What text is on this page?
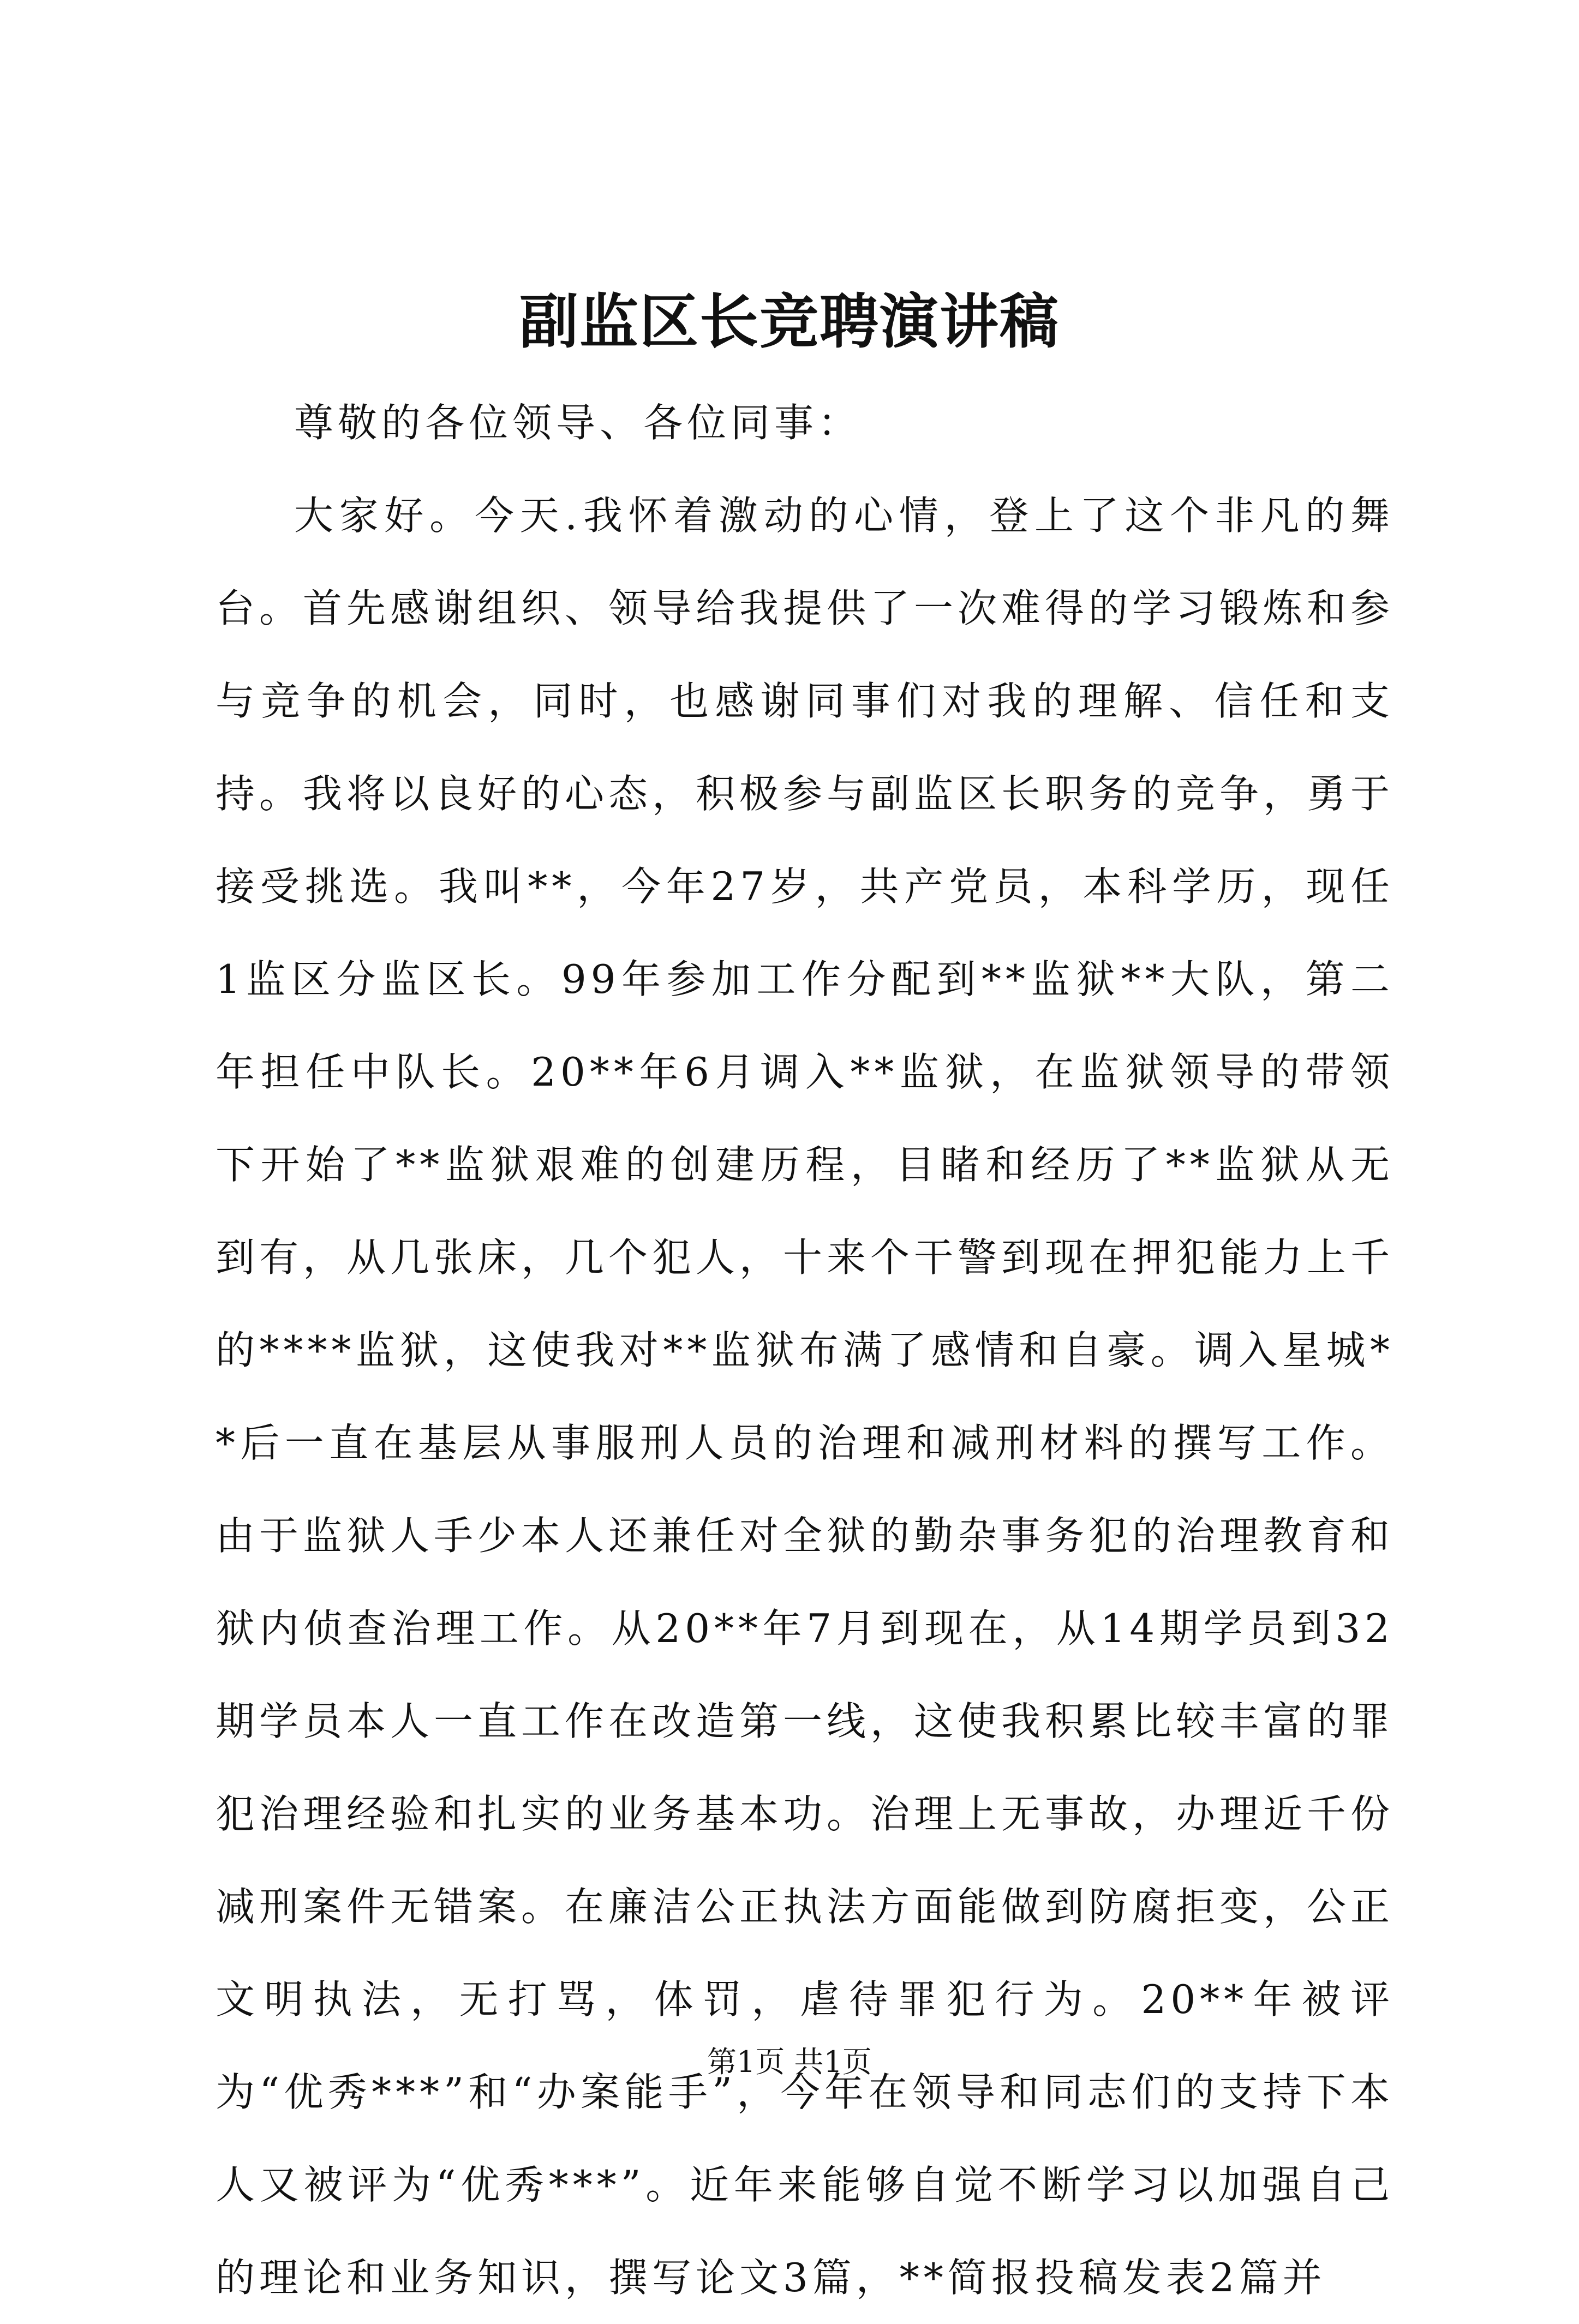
副监区长竞聘演讲稿

尊敬的各位领导、各位同事：

大家好。今天.我怀着激动的心情，登上了这个非凡的舞台。首先感谢组织、领导给我提供了一次难得的学习锻炼和参与竞争的机会，同时，也感谢同事们对我的理解、信任和支持。我将以良好的心态，积极参与副监区长职务的竞争，勇于接受挑选。我叫**，今年27岁，共产党员，本科学历，现任1监区分监区长。99年参加工作分配到**监狱**大队，第二年担任中队长。20**年6月调入**监狱，在监狱领导的带领下开始了**监狱艰难的创建历程，目睹和经历了**监狱从无到有，从几张床，几个犯人，十来个干警到现在押犯能力上千的****监狱，这使我对**监狱布满了感情和自豪。调入星城**后一直在基层从事服刑人员的治理和减刑材料的撰写工作。由于监狱人手少本人还兼任对全狱的勤杂事务犯的治理教育和狱内侦查治理工作。从20**年7月到现在，从14期学员到32期学员本人一直工作在改造第一线，这使我积累比较丰富的罪犯治理经验和扎实的业务基本功。治理上无事故，办理近千份减刑案件无错案。在廉洁公正执法方面能做到防腐拒变，公正文明执法，无打骂，体罚，虐待罪犯行为。20**年被评为“优秀***”和“办案能手”，今年在领导和同志们的支持下本人又被评为“优秀***”。近年来能够自觉不断学习以加强自己的理论和业务知识，撰写论文3篇，**简报投稿发表2篇并

第1页 共1页
